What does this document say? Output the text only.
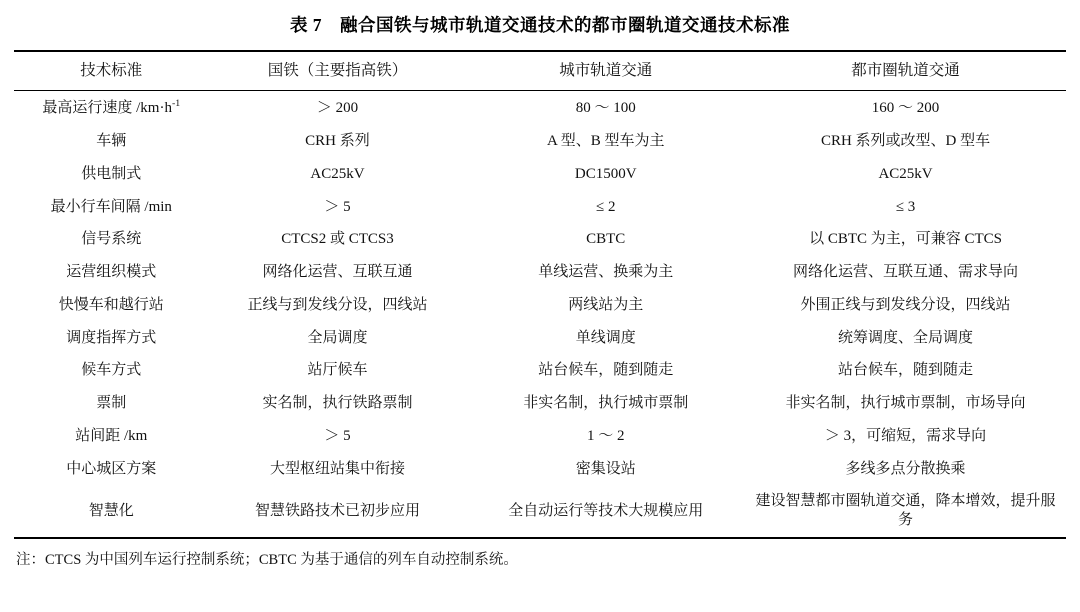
表 7　融合国铁与城市轨道交通技术的都市圈轨道交通技术标准
技术标准	国铁（主要指高铁）	城市轨道交通	都市圈轨道交通
最高运行速度 $/km\cdot h^{-1}$	＞ 200	80 ～ 100	160 ～ 200
车辆	CRH 系列	A 型、B 型车为主	CRH 系列或改型、D 型车
供电制式	AC25kV	DC1500V	AC25kV
最小行车间隔 /min	＞ 5	≤ 2	≤ 3
信号系统	CTCS2 或 CTCS3	CBTC	以 CBTC 为主，可兼容 CTCS
运营组织模式	网络化运营、互联互通	单线运营、换乘为主	网络化运营、互联互通、需求导向
快慢车和越行站	正线与到发线分设，四线站	两线站为主	外围正线与到发线分设，四线站
调度指挥方式	全局调度	单线调度	统筹调度、全局调度
候车方式	站厅候车	站台候车，随到随走	站台候车，随到随走
票制	实名制，执行铁路票制	非实名制，执行城市票制	非实名制，执行城市票制，市场导向
站间距 /km	＞ 5	1 ～ 2	＞ 3，可缩短，需求导向
中心城区方案	大型枢纽站集中衔接	密集设站	多线多点分散换乘
智慧化	智慧铁路技术已初步应用	全自动运行等技术大规模应用	建设智慧都市圈轨道交通，降本增效，提升服务
注：CTCS 为中国列车运行控制系统；CBTC 为基于通信的列车自动控制系统。
